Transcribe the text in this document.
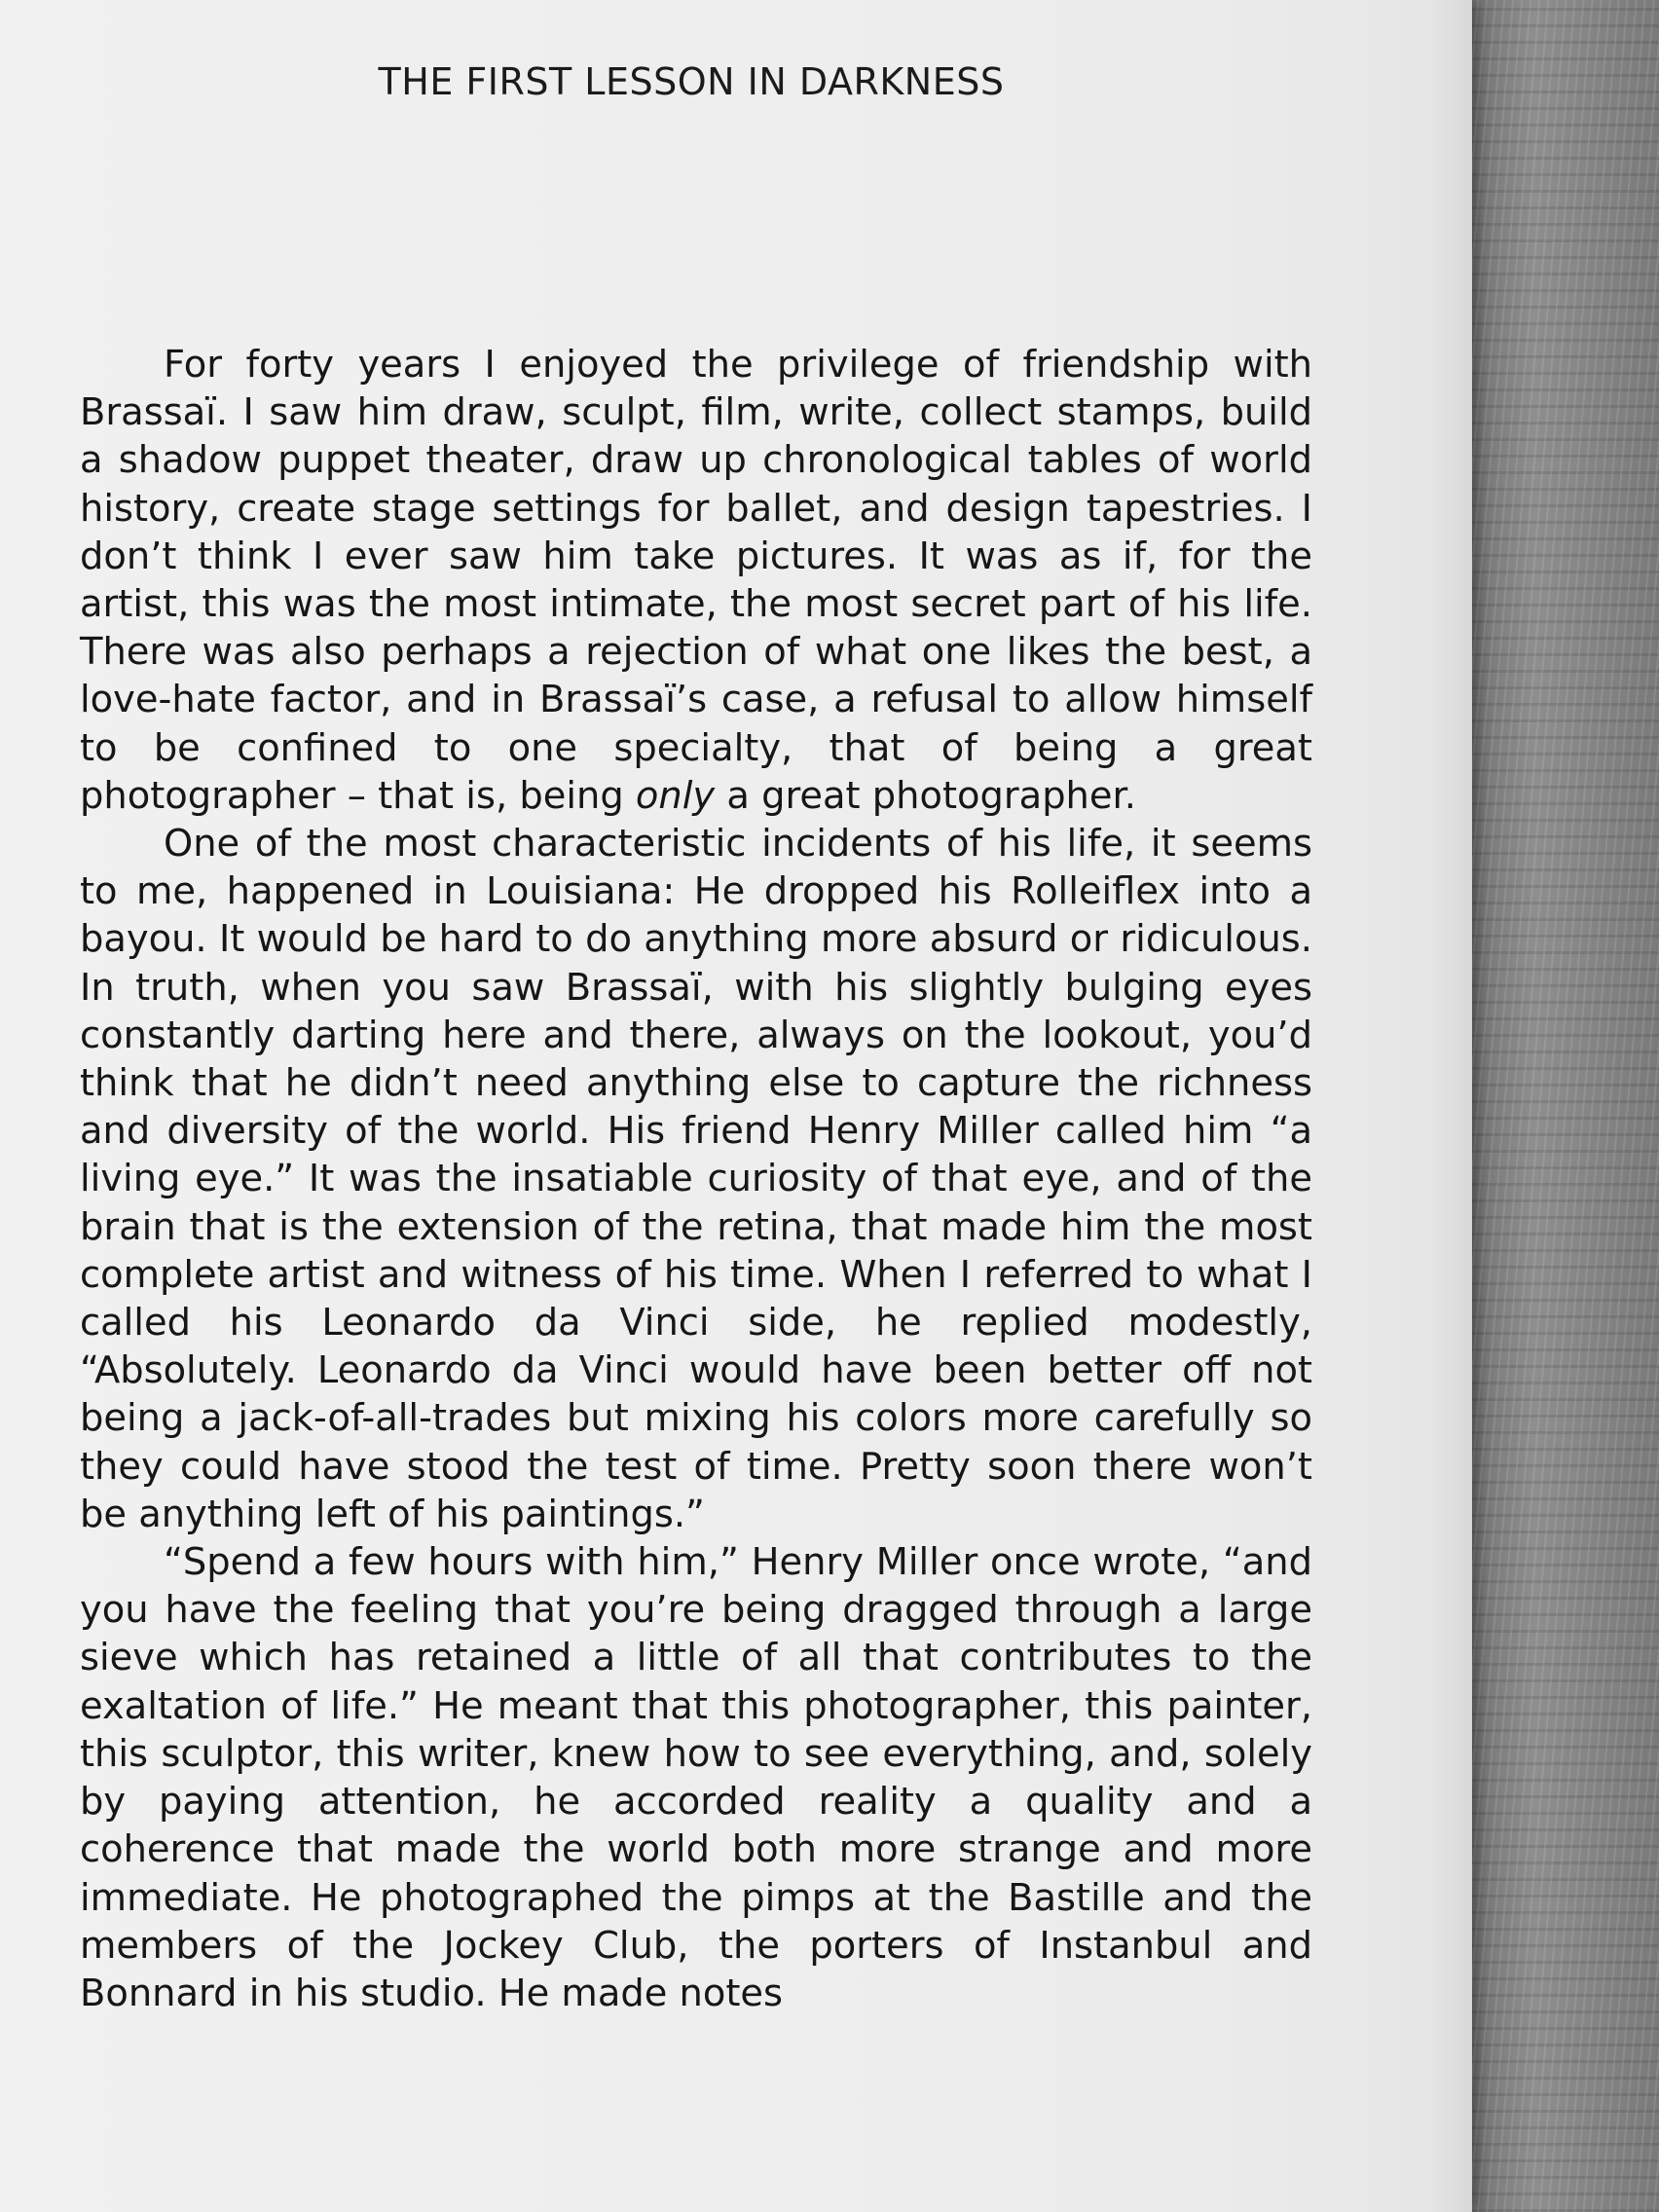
THE FIRST LESSON IN DARKNESS

For forty years I enjoyed the privilege of friendship with Brassaï. I saw him draw, sculpt, film, write, collect stamps, build a shadow puppet theater, draw up chronological tables of world history, create stage settings for ballet, and design tapestries. I don’t think I ever saw him take pictures. It was as if, for the artist, this was the most intimate, the most secret part of his life. There was also perhaps a rejection of what one likes the best, a love-hate factor, and in Brassaï’s case, a refusal to allow himself to be confined to one specialty, that of being a great photographer – that is, being only a great photographer.

One of the most characteristic incidents of his life, it seems to me, happened in Louisiana: He dropped his Rolleiflex into a bayou. It would be hard to do anything more absurd or ridiculous. In truth, when you saw Brassaï, with his slightly bulging eyes constantly darting here and there, always on the lookout, you’d think that he didn’t need anything else to capture the richness and diversity of the world. His friend Henry Miller called him “a living eye.” It was the insatiable curiosity of that eye, and of the brain that is the extension of the retina, that made him the most complete artist and witness of his time. When I referred to what I called his Leonardo da Vinci side, he replied modestly, “Absolutely. Leonardo da Vinci would have been better off not being a jack-of-all-trades but mixing his colors more carefully so they could have stood the test of time. Pretty soon there won’t be anything left of his paintings.”

“Spend a few hours with him,” Henry Miller once wrote, “and you have the feeling that you’re being dragged through a large sieve which has retained a little of all that contributes to the exaltation of life.” He meant that this photographer, this painter, this sculptor, this writer, knew how to see everything, and, solely by paying attention, he accorded reality a quality and a coherence that made the world both more strange and more immediate. He photographed the pimps at the Bastille and the members of the Jockey Club, the porters of Instanbul and Bonnard in his studio. He made notes
